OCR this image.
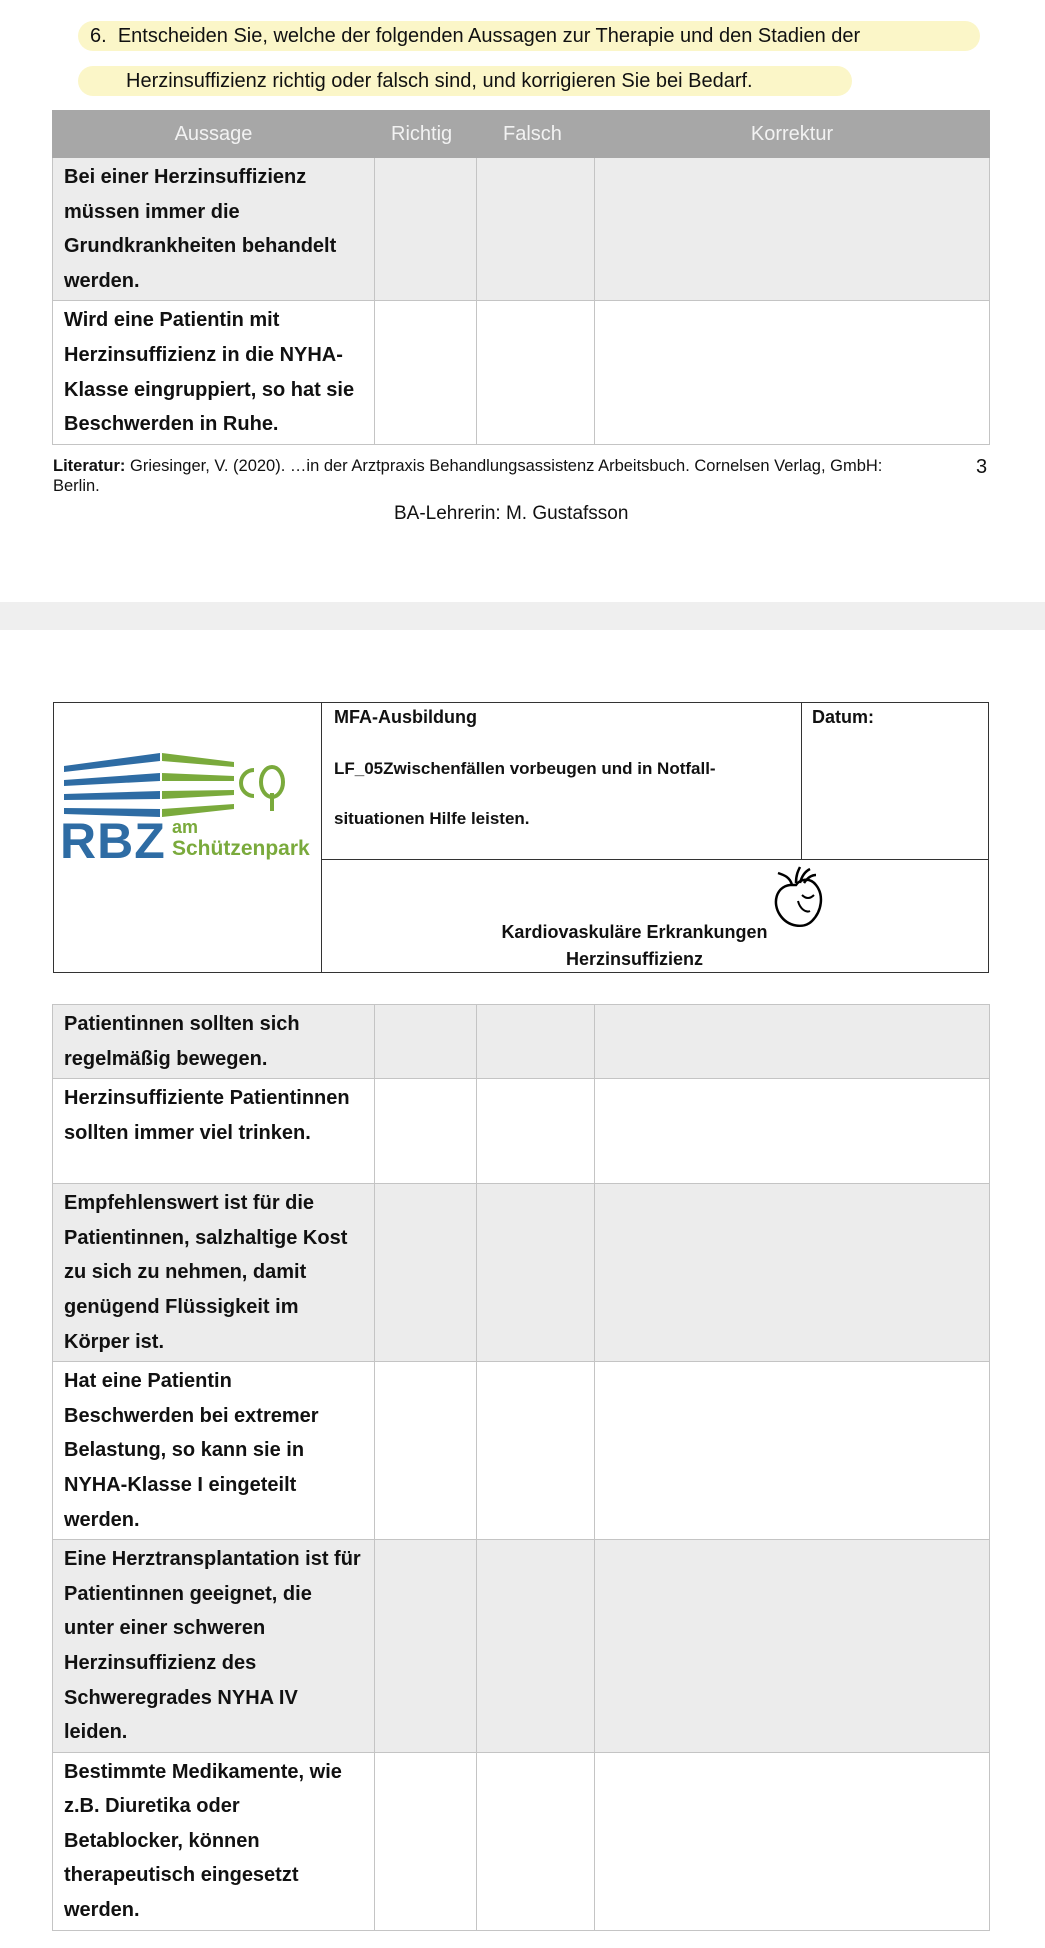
6. Entscheiden Sie, welche der folgenden Aussagen zur Therapie und den Stadien der
Herzinsuffizienz richtig oder falsch sind, und korrigieren Sie bei Bedarf.
Aussage	Richtig	Falsch	Korrektur
Bei einer Herzinsuffizienz müssen immer die Grundkrankheiten behandelt werden.			
Wird eine Patientin mit Herzinsuffizienz in die NYHA-Klasse eingruppiert, so hat sie Beschwerden in Ruhe.			
Literatur: Griesinger, V. (2020). …in der Arztpraxis Behandlungsassistenz Arbeitsbuch. Cornelsen Verlag, GmbH: Berlin.
3
BA-Lehrerin: M. Gustafsson
RBZ am
Schützenpark
MFA-Ausbildung
LF_05Zwischenfällen vorbeugen und in Notfall-
situationen Hilfe leisten.
Datum:
Kardiovaskuläre Erkrankungen
Herzinsuffizienz
Patientinnen sollten sich regelmäßig bewegen.			
Herzinsuffiziente Patientinnen sollten immer viel trinken.			
Empfehlenswert ist für die Patientinnen, salzhaltige Kost zu sich zu nehmen, damit genügend Flüssigkeit im Körper ist.			
Hat eine Patientin Beschwerden bei extremer Belastung, so kann sie in NYHA-Klasse I eingeteilt werden.			
Eine Herztransplantation ist für Patientinnen geeignet, die unter einer schweren Herzinsuffizienz des Schweregrades NYHA IV leiden.			
Bestimmte Medikamente, wie z.B. Diuretika oder Betablocker, können therapeutisch eingesetzt werden.			
